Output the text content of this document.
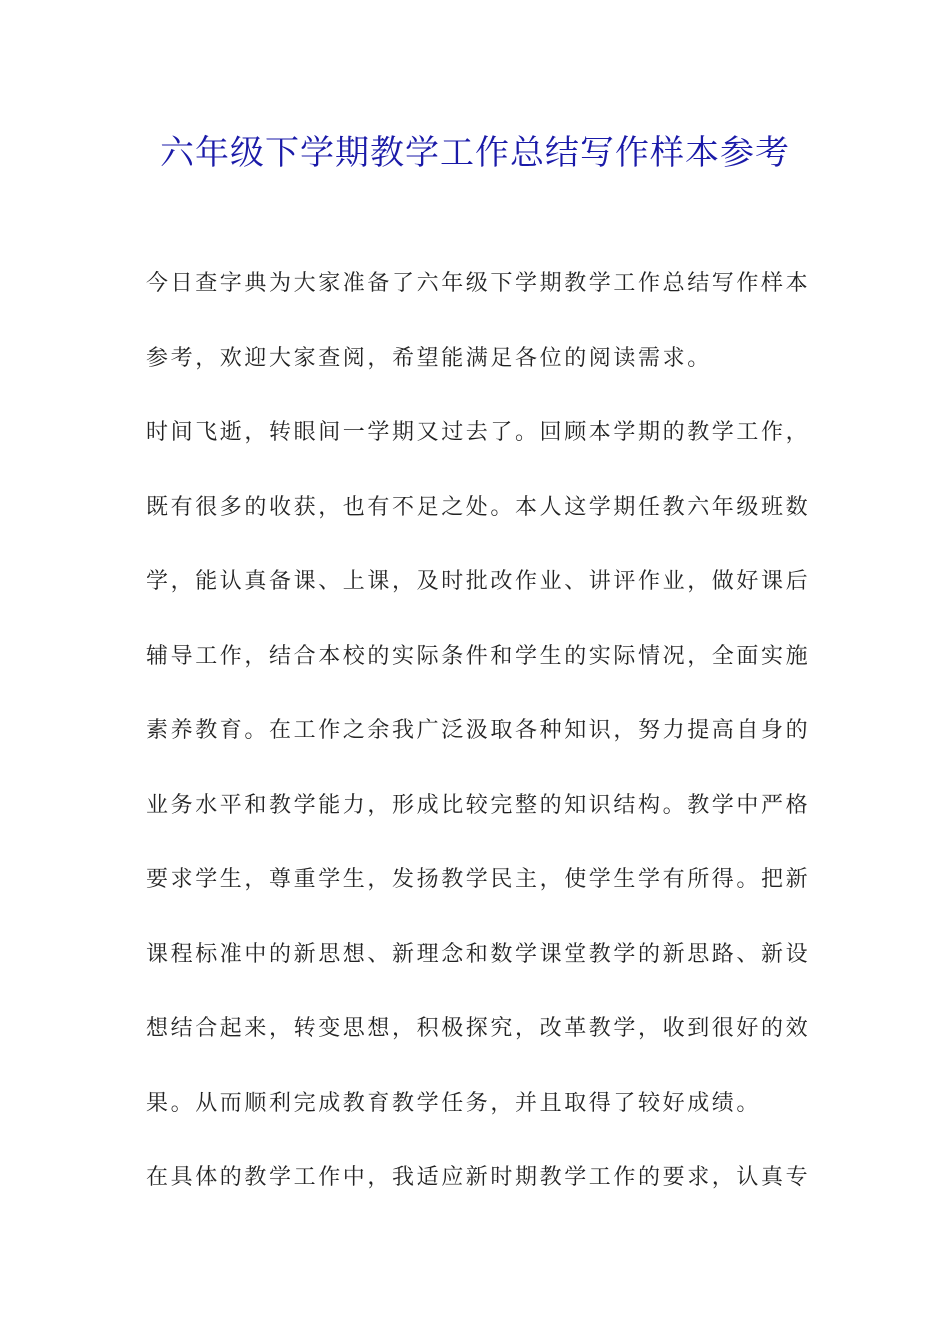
六年级下学期教学工作总结写作样本参考
今日查字典为大家准备了六年级下学期教学工作总结写作样本
参考，欢迎大家查阅，希望能满足各位的阅读需求。
时间飞逝，转眼间一学期又过去了。回顾本学期的教学工作，
既有很多的收获，也有不足之处。本人这学期任教六年级班数
学，能认真备课、上课，及时批改作业、讲评作业，做好课后
辅导工作，结合本校的实际条件和学生的实际情况，全面实施
素养教育。在工作之余我广泛汲取各种知识，努力提高自身的
业务水平和教学能力，形成比较完整的知识结构。教学中严格
要求学生，尊重学生，发扬教学民主，使学生学有所得。把新
课程标准中的新思想、新理念和数学课堂教学的新思路、新设
想结合起来，转变思想，积极探究，改革教学，收到很好的效
果。从而顺利完成教育教学任务，并且取得了较好成绩。
在具体的教学工作中，我适应新时期教学工作的要求，认真专
